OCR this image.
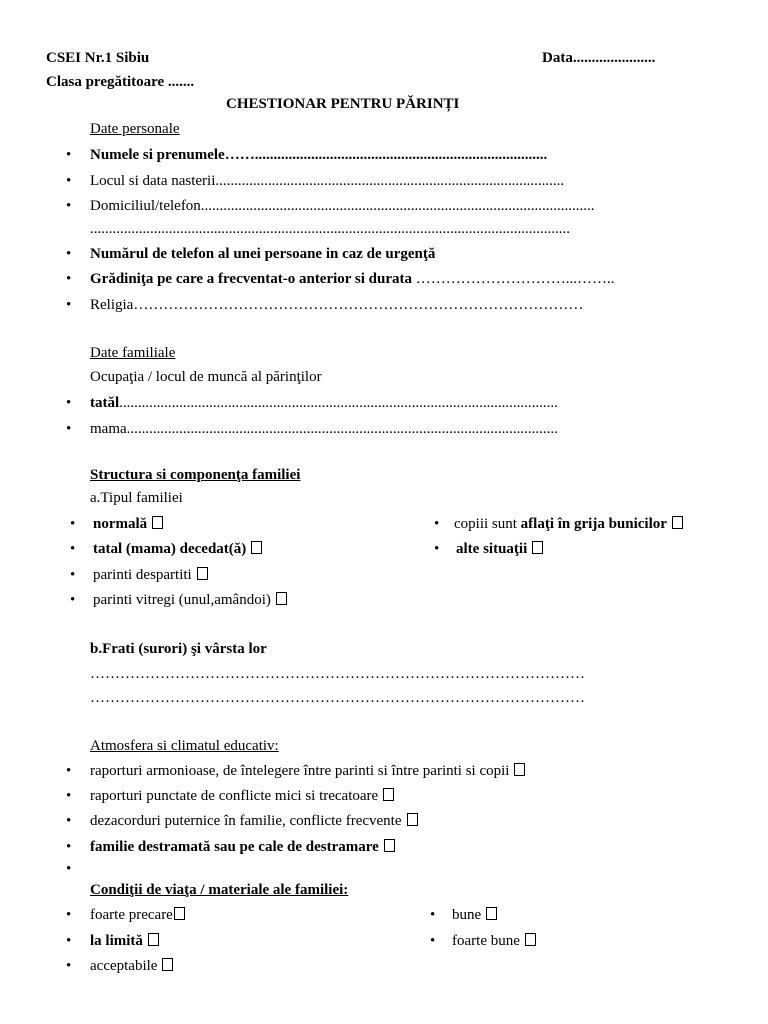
CSEI Nr.1 Sibiu	Data......................
Clasa pregătitoare .......
CHESTIONAR PENTRU PĂRINȚI
Date personale
• Numele si prenumele……..............................................................................
• Locul si data nasterii.............................................................................................
• Domiciliul/telefon.........................................................................................................
................................................................................................................................
• Numărul de telefon al unei persoane in caz de urgenţă
• Grădiniţa pe care a frecventat-o anterior si durata …………………………...……..
• Religia………………………………………………………………………………
Date familiale
Ocupaţia / locul de muncă al părinţilor
• tatăl.....................................................................................................................
• mama...................................................................................................................
Structura si componenţa familiei
a.Tipul familiei
• normală
• tatal (mama) decedat(ă)
• parinti despartiti
• parinti vitregi (unul,amândoi)
• copiii sunt aflaţi în grija bunicilor
• alte situaţii
b.Frati (surori) şi vârsta lor
………………………………………………………………………………………
………………………………………………………………………………………
Atmosfera si climatul educativ:
• raporturi armonioase, de întelegere între parinti si între parinti si copii
• raporturi punctate de conflicte mici si trecatoare
• dezacorduri puternice în familie, conflicte frecvente
• familie destramată sau pe cale de destramare
•
Condiţii de viaţa / materiale ale familiei:
• foarte precare
• la limită
• acceptabile
• bune
• foarte bune
